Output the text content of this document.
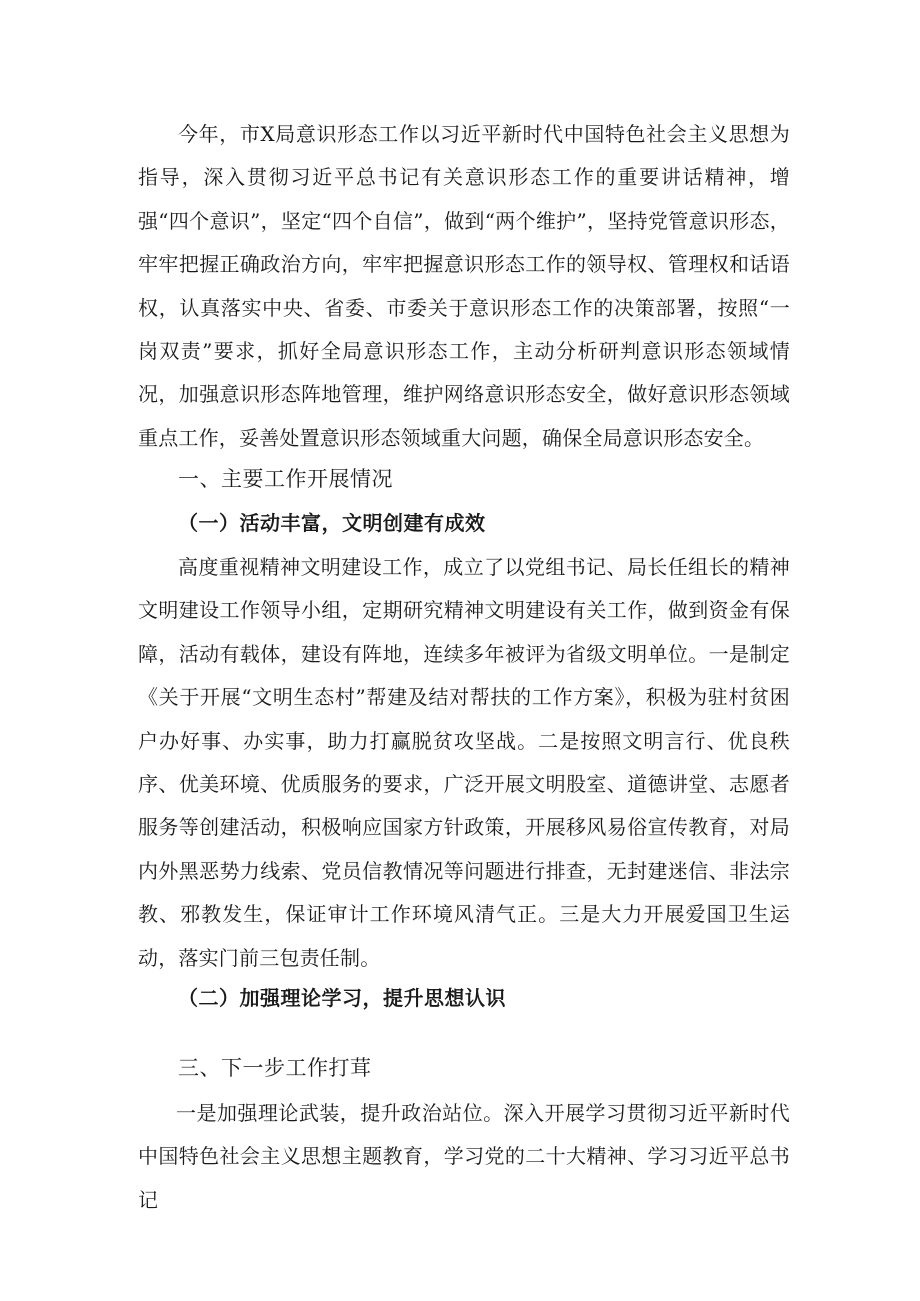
今年，市X局意识形态工作以习近平新时代中国特色社会主义思想为指导，深入贯彻习近平总书记有关意识形态工作的重要讲话精神，增强“四个意识”，坚定“四个自信”，做到“两个维护”，坚持党管意识形态，牢牢把握正确政治方向，牢牢把握意识形态工作的领导权、管理权和话语权，认真落实中央、省委、市委关于意识形态工作的决策部署，按照“一岗双责”要求，抓好全局意识形态工作，主动分析研判意识形态领域情况，加强意识形态阵地管理，维护网络意识形态安全，做好意识形态领域重点工作，妥善处置意识形态领域重大问题，确保全局意识形态安全。

一、主要工作开展情况
（一）活动丰富，文明创建有成效

高度重视精神文明建设工作，成立了以党组书记、局长任组长的精神文明建设工作领导小组，定期研究精神文明建设有关工作，做到资金有保障，活动有载体，建设有阵地，连续多年被评为省级文明单位。一是制定《关于开展“文明生态村”帮建及结对帮扶的工作方案》，积极为驻村贫困户办好事、办实事，助力打赢脱贫攻坚战。二是按照文明言行、优良秩序、优美环境、优质服务的要求，广泛开展文明股室、道德讲堂、志愿者服务等创建活动，积极响应国家方针政策，开展移风易俗宣传教育，对局内外黑恶势力线索、党员信教情况等问题进行排查，无封建迷信、非法宗教、邪教发生，保证审计工作环境风清气正。三是大力开展爱国卫生运动，落实门前三包责任制。

（二）加强理论学习，提升思想认识
三、下一步工作打茸

一是加强理论武装，提升政治站位。深入开展学习贯彻习近平新时代中国特色社会主义思想主题教育，学习党的二十大精神、学习习近平总书记
